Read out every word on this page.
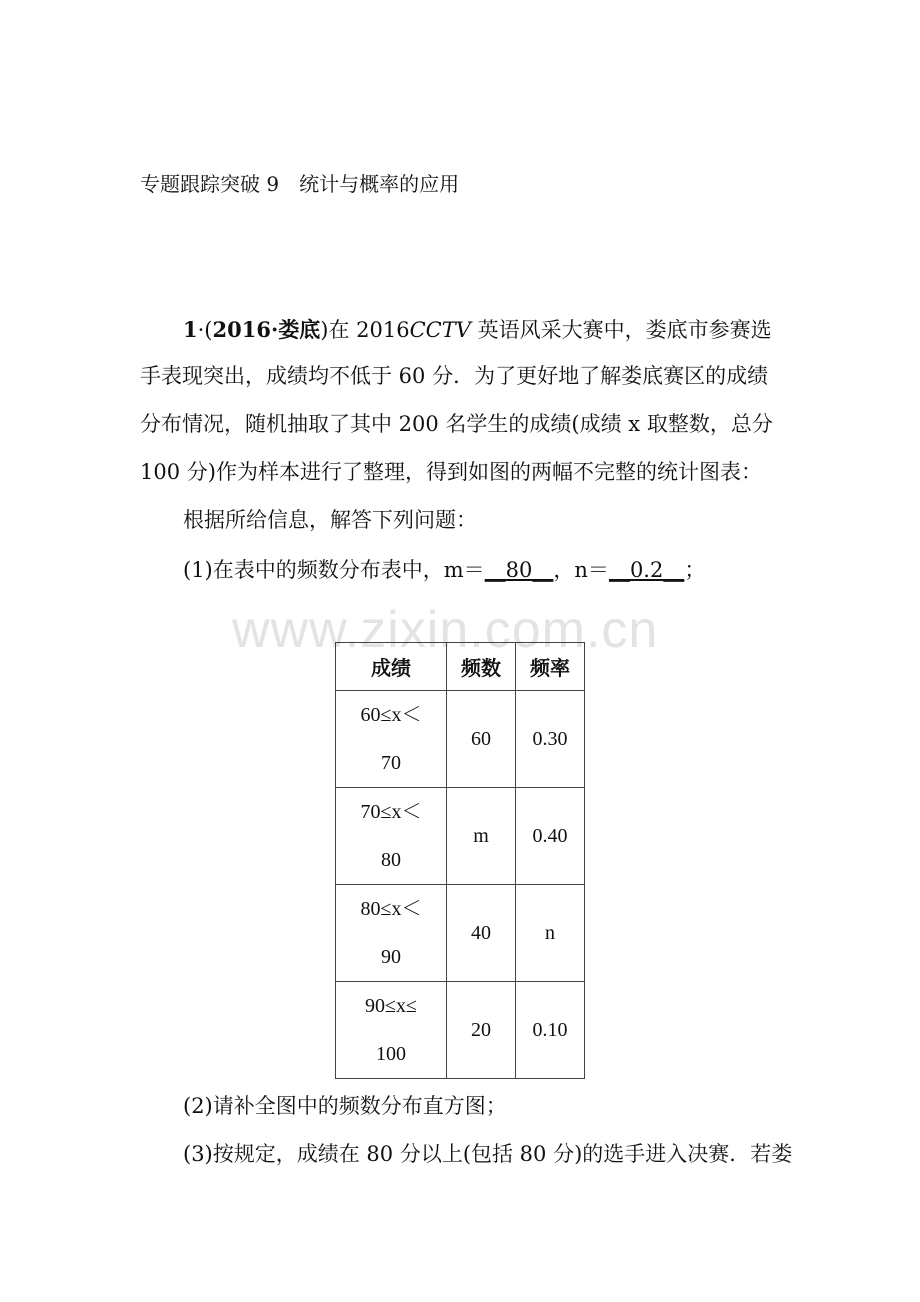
www.zixin.com.cn
专题跟踪突破 9　统计与概率的应用
1·(2016·娄底)在 2016CCTV 英语风采大赛中，娄底市参赛选
手表现突出，成绩均不低于 60 分．为了更好地了解娄底赛区的成绩
分布情况，随机抽取了其中 200 名学生的成绩(成绩 x 取整数，总分
100 分)作为样本进行了整理，得到如图的两幅不完整的统计图表：
根据所给信息，解答下列问题：
(1)在表中的频数分布表中，m＝__80__，n＝__0.2__；
成绩	频数	频率
60≤x＜
70	60	0.30
70≤x＜
80	m	0.40
80≤x＜
90	40	n
90≤x≤
100	20	0.10
(2)请补全图中的频数分布直方图；
(3)按规定，成绩在 80 分以上(包括 80 分)的选手进入决赛．若娄
